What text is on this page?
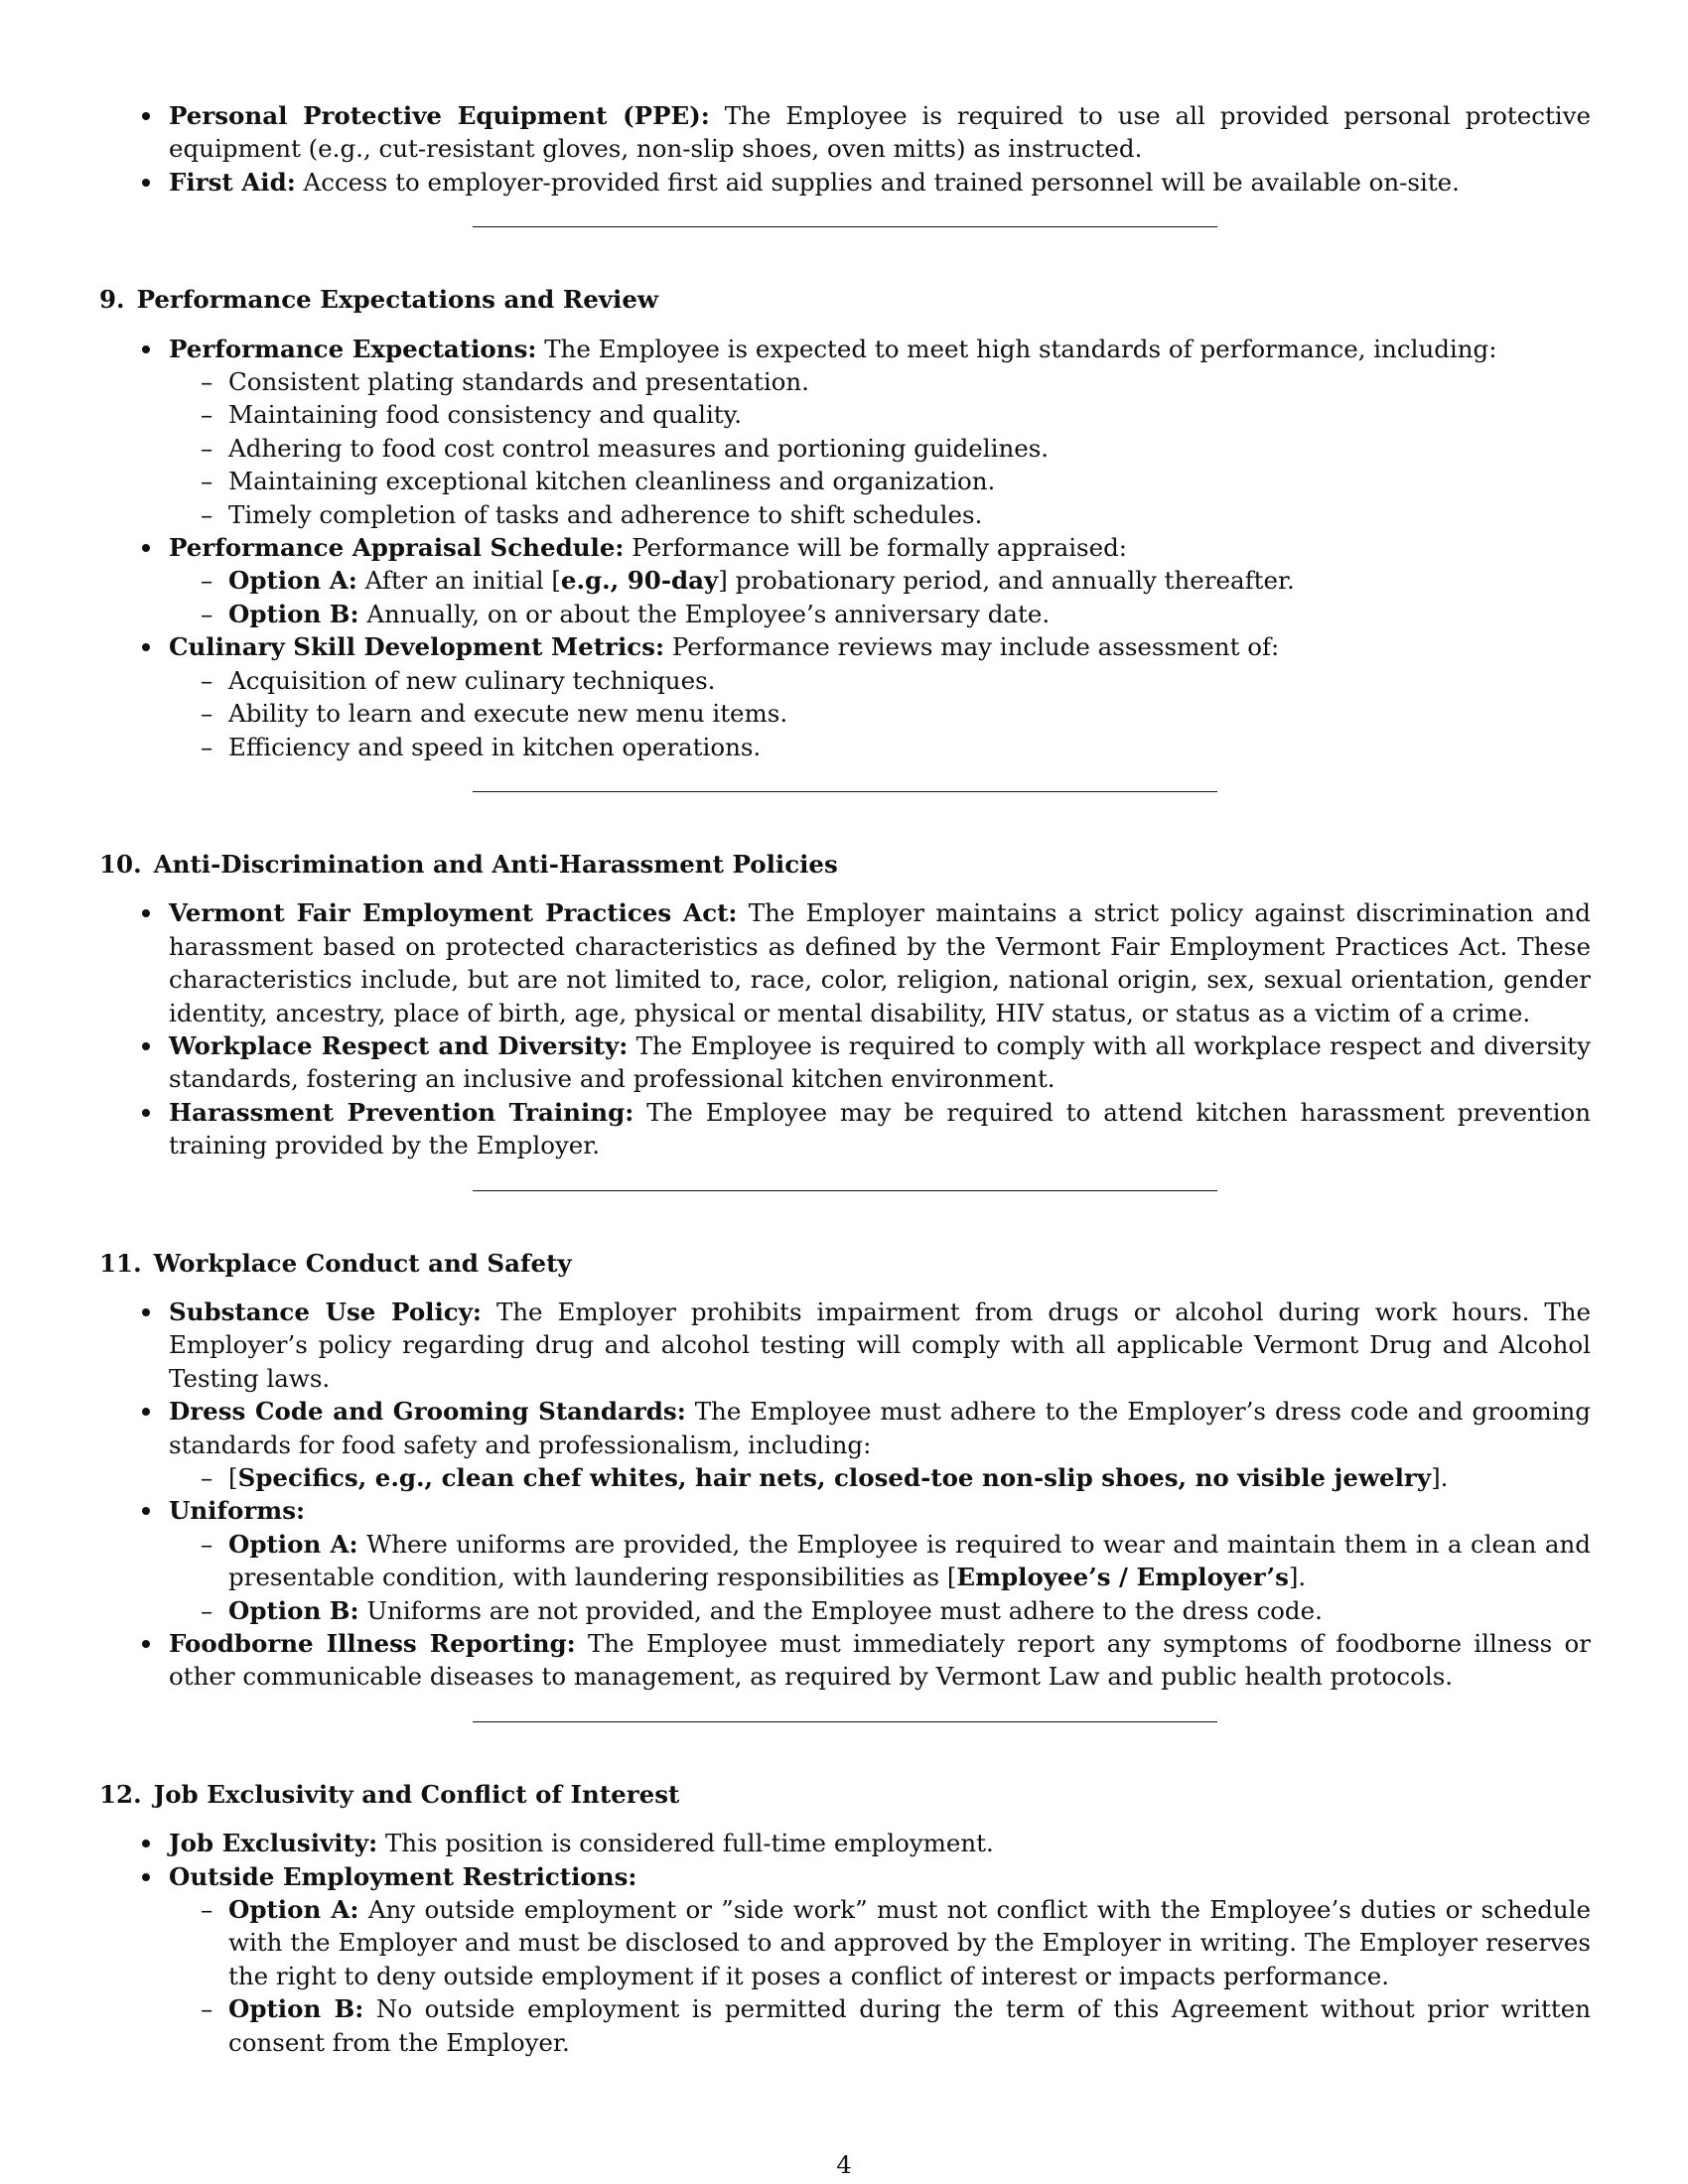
Personal Protective Equipment (PPE): The Employee is required to use all provided personal protective equipment (e.g., cut-resistant gloves, non-slip shoes, oven mitts) as instructed.
First Aid: Access to employer-provided first aid supplies and trained personnel will be available on-site.
9. Performance Expectations and Review
Performance Expectations: The Employee is expected to meet high standards of performance, including:
– Consistent plating standards and presentation.
– Maintaining food consistency and quality.
– Adhering to food cost control measures and portioning guidelines.
– Maintaining exceptional kitchen cleanliness and organization.
– Timely completion of tasks and adherence to shift schedules.
Performance Appraisal Schedule: Performance will be formally appraised:
– Option A: After an initial [e.g., 90-day] probationary period, and annually thereafter.
– Option B: Annually, on or about the Employee’s anniversary date.
Culinary Skill Development Metrics: Performance reviews may include assessment of:
– Acquisition of new culinary techniques.
– Ability to learn and execute new menu items.
– Efficiency and speed in kitchen operations.
10. Anti-Discrimination and Anti-Harassment Policies
Vermont Fair Employment Practices Act: The Employer maintains a strict policy against discrimination and harassment based on protected characteristics as defined by the Vermont Fair Employment Practices Act. These characteristics include, but are not limited to, race, color, religion, national origin, sex, sexual orientation, gender identity, ancestry, place of birth, age, physical or mental disability, HIV status, or status as a victim of a crime.
Workplace Respect and Diversity: The Employee is required to comply with all workplace respect and diversity standards, fostering an inclusive and professional kitchen environment.
Harassment Prevention Training: The Employee may be required to attend kitchen harassment prevention training provided by the Employer.
11. Workplace Conduct and Safety
Substance Use Policy: The Employer prohibits impairment from drugs or alcohol during work hours. The Employer’s policy regarding drug and alcohol testing will comply with all applicable Vermont Drug and Alcohol Testing laws.
Dress Code and Grooming Standards: The Employee must adhere to the Employer’s dress code and grooming standards for food safety and professionalism, including:
– [Specifics, e.g., clean chef whites, hair nets, closed-toe non-slip shoes, no visible jewelry].
Uniforms:
– Option A: Where uniforms are provided, the Employee is required to wear and maintain them in a clean and presentable condition, with laundering responsibilities as [Employee’s / Employer’s].
– Option B: Uniforms are not provided, and the Employee must adhere to the dress code.
Foodborne Illness Reporting: The Employee must immediately report any symptoms of foodborne illness or other communicable diseases to management, as required by Vermont Law and public health protocols.
12. Job Exclusivity and Conflict of Interest
Job Exclusivity: This position is considered full-time employment.
Outside Employment Restrictions:
– Option A: Any outside employment or ”side work” must not conflict with the Employee’s duties or schedule with the Employer and must be disclosed to and approved by the Employer in writing. The Employer reserves the right to deny outside employment if it poses a conflict of interest or impacts performance.
– Option B: No outside employment is permitted during the term of this Agreement without prior written consent from the Employer.
4
